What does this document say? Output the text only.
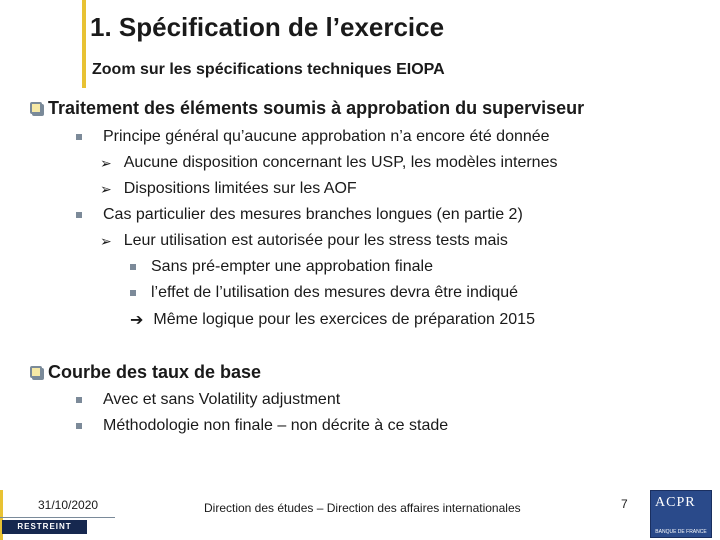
1. Spécification de l’exercice
Zoom sur les spécifications techniques EIOPA
Traitement des éléments soumis à approbation du superviseur
Principe général qu’aucune approbation n’a encore été donnée
➢ Aucune disposition concernant les USP, les modèles internes
➢ Dispositions limitées sur les AOF
Cas particulier des mesures branches longues (en partie 2)
➢ Leur utilisation est autorisée pour les stress tests mais
Sans pré-empter une approbation finale
l’effet de l’utilisation des mesures devra être indiqué
➔ Même logique pour les exercices de préparation 2015
Courbe des taux de base
Avec et sans Volatility adjustment
Méthodologie non finale – non décrite à ce stade
31/10/2020
RESTREINT
Direction des études – Direction des affaires internationales	7 ACPR
BANQUE DE FRANCE
